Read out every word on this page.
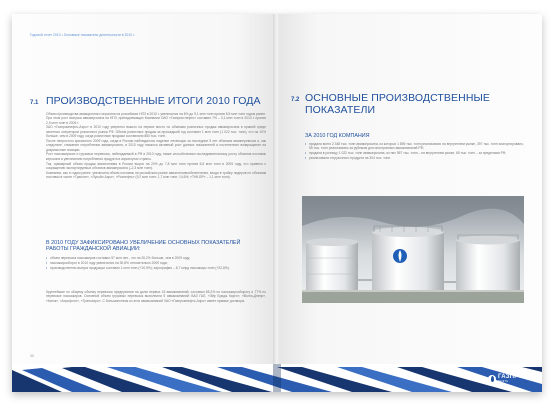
Годовой отчет 2010 • Основные показатели деятельности в 2010 г.
7.1 ПРОИЗВОДСТВЕННЫЕ ИТОГИ 2010 ГОДА

Объем производства авиационного керосина на российских НПЗ в 2010 г. увеличился на 6% до 9,1 млн тонн против 8,5 млн тонн годом ранее. При этом рост выпуска авиакеросина на НПЗ, принадлежащих Компании ОАО «Газпром нефть» составил 7% – 3,1 млн тонн в 2010 г. против 2,9 млн тонн в 2009 г.

ЗАО «Газпромнефть-Аэро» в 2010 году уверенно вышло на первое место по объемам розничных продаж авиакеросина в прямой среде зачетных операторов розничного рынка РФ. Объем розничных продаж за прошедший год составил 1 млн тонн (1 022 тыс. тонн), что на 10% больше, чем в 2009 году, когда розничные продажи составляли 860 тыс. тонн.

После непростого кризисного 2009 года, когда в России наблюдалось падение летающих за последние 5 лет объемов авиаперевозок и, как следствие, снижение потребления авиакеросина, в 2010 году начался активный рост данных показателей и постепенное возвращение на докризисные позиции.

Рост пассажирских и грузовых перевозок, наблюдаемый в РФ в 2010 году, также способствовал последовательному росту объемов поставок керосина и увеличению потребления продукта в аэропортах страны.

Так, суммарный объем продаж авиатоплива в России вырос на 20% до 7,8 млн тонн против 6,5 млн тонн в 2009 году, что привело к сокращению экспортируемых объемов авиакеросина (–2,3 млн тонн).

Компания, как и годом ранее, увеличила объем поставок на российском рынке авиатопливообеспечения, входя в тройку лидеров по объемам поставок в числе «Транзит», «Лукойл-Аэро», «Роснефть» (9,2 млн тонн; 1,7 млн тонн; 14,6%; «ТНК-ВР» – 1,1 млн тонн).

В 2010 ГОДУ ЗАФИКСИРОВАНО УВЕЛИЧЕНИЕ ОСНОВНЫХ ПОКАЗАТЕЛЕЙ РАБОТЫ ГРАЖДАНСКОЙ АВИАЦИИ:
• объем перевозок пассажиров составил 57 млн чел., что на 26,2% больше, чем в 2009 году;
• пассажирооборот в 2010 году увеличился на 30,8% относительно 2009 года;
• производственно-выпуск продукции составил 1 млн тонн (+10,9%); аэрография – 8,7 млрд пассажиро-тонн (+22,8%).

Крупнейшие по общему объему перевозок предприятия на долю первых 15 авиакомпаний, составил 85,2% по пассажирообороту и 77% по перевозке пассажиров. Основной объем грузовых перевозок выполнили 5 авиакомпаний: ВАЗ ГАЛ, «Эйр Бридж Карго», «Волга-Днепр», «Катэк», «Аэрофлот», «Трансаэро». С большинством из этих авиакомпаний ЗАО «Газпромнефть-Аэро» имеет прямые договоры.

30
7.2 ОСНОВНЫЕ ПРОИЗВОДСТВЕННЫЕ ПОКАЗАТЕЛИ
ЗА 2010 ГОД КОМПАНИЯ
• продала всего 2 348 тыс. тонн авиакеросина, из которых 1 895 тыс. тонн реализовано на внутреннем рынке, 397 тыс. тонн экспортировано, 55 тыс. тонн реализовано за рубежом для иностранных авиакомпаний РФ;
• продала в розницу 1 022 тыс. тонн авиакеросина, из них 957 тыс. тонн – на внутреннем рынке, 65 тыс. тонн – за пределами РФ;
• реализовала отгрузочного продукта на 304 тыс. тонн.
ГАЗПРОМ
НЕФТЬ
